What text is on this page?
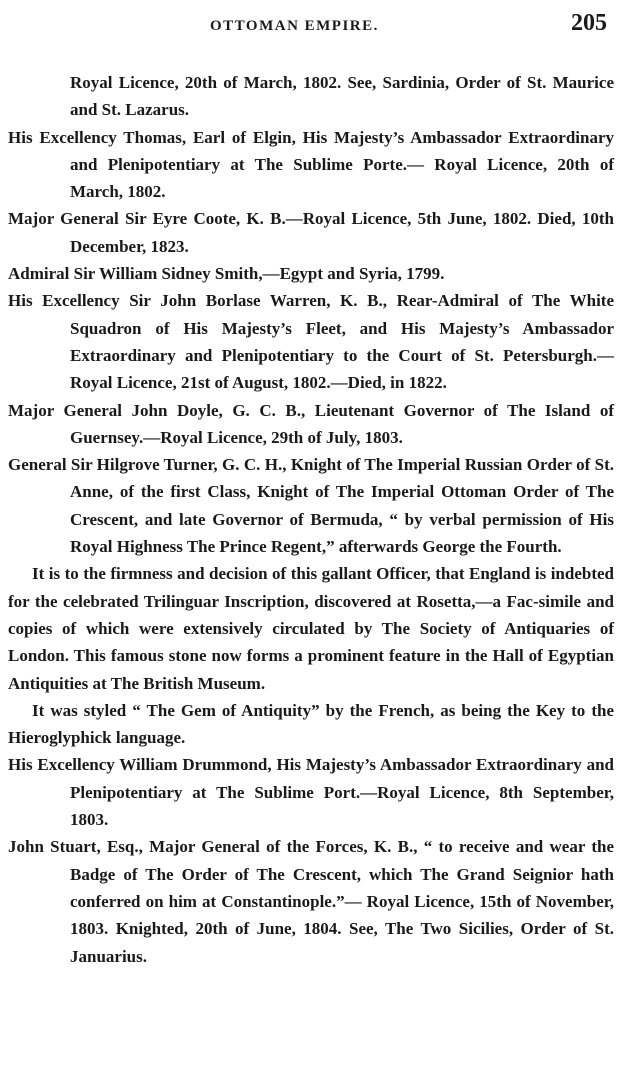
OTTOMAN EMPIRE.	205

Royal Licence, 20th of March, 1802. See, Sardinia, Order of St. Maurice and St. Lazarus.

His Excellency Thomas, Earl of Elgin, His Majesty’s Ambassador Extraordinary and Plenipotentiary at The Sublime Porte.— Royal Licence, 20th of March, 1802.

Major General Sir Eyre Coote, K. B.—Royal Licence, 5th June, 1802. Died, 10th December, 1823.

Admiral Sir William Sidney Smith,—Egypt and Syria, 1799.

His Excellency Sir John Borlase Warren, K. B., Rear-Admiral of The White Squadron of His Majesty’s Fleet, and His Majesty’s Ambassador Extraordinary and Plenipotentiary to the Court of St. Petersburgh.—Royal Licence, 21st of August, 1802.—Died, in 1822.

Major General John Doyle, G. C. B., Lieutenant Governor of The Island of Guernsey.—Royal Licence, 29th of July, 1803.

General Sir Hilgrove Turner, G. C. H., Knight of The Imperial Russian Order of St. Anne, of the first Class, Knight of The Imperial Ottoman Order of The Crescent, and late Governor of Bermuda, “ by verbal permission of His Royal Highness The Prince Regent,” afterwards George the Fourth.

It is to the firmness and decision of this gallant Officer, that England is indebted for the celebrated Trilinguar Inscription, discovered at Rosetta,—a Fac-simile and copies of which were extensively circulated by The Society of Antiquaries of London. This famous stone now forms a prominent feature in the Hall of Egyptian Antiquities at The British Museum.

It was styled “ The Gem of Antiquity” by the French, as being the Key to the Hieroglyphick language.

His Excellency William Drummond, His Majesty’s Ambassador Extraordinary and Plenipotentiary at The Sublime Port.—Royal Licence, 8th September, 1803.

John Stuart, Esq., Major General of the Forces, K. B., “ to receive and wear the Badge of The Order of The Crescent, which The Grand Seignior hath conferred on him at Constantinople.”— Royal Licence, 15th of November, 1803. Knighted, 20th of June, 1804. See, The Two Sicilies, Order of St. Januarius.
